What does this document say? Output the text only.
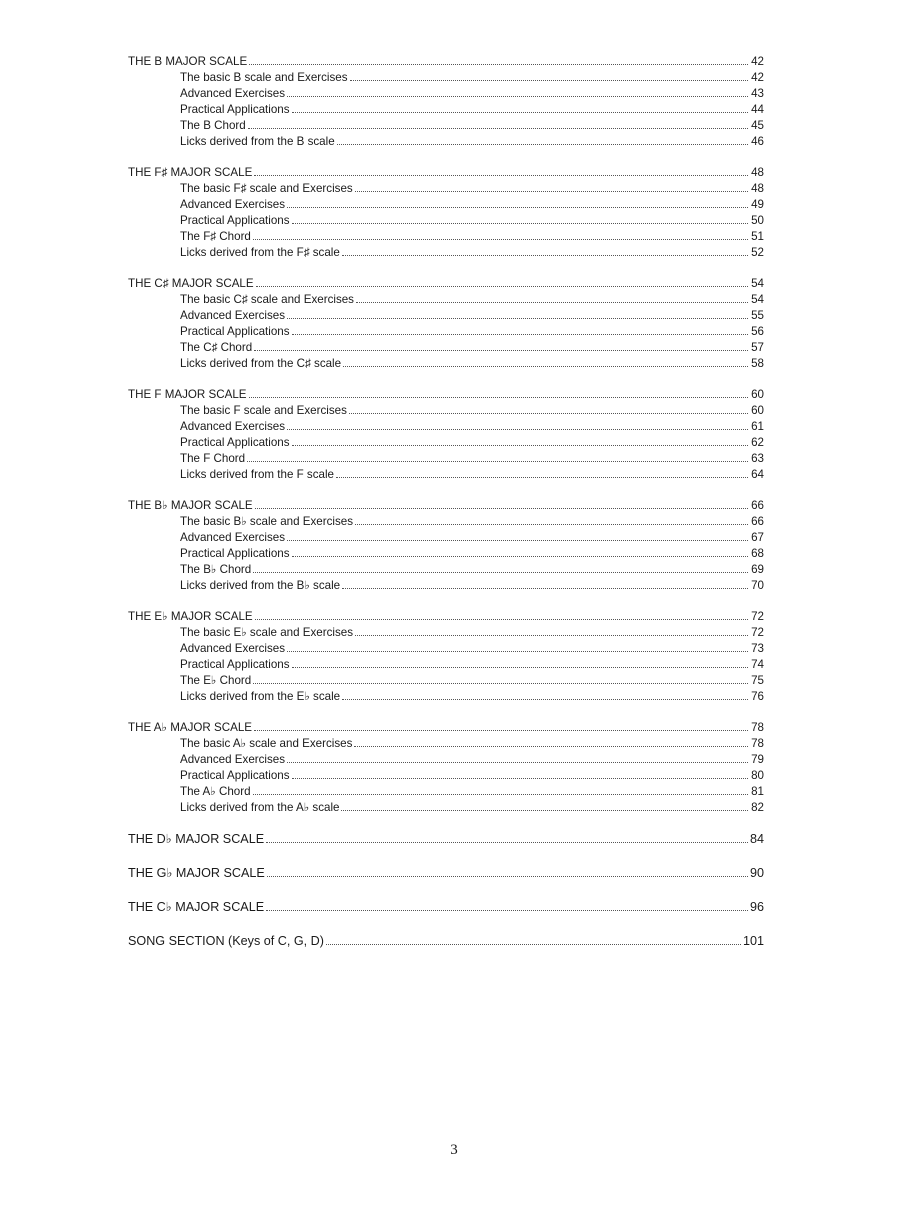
THE B MAJOR SCALE	42
The basic B scale and Exercises	42
Advanced Exercises	43
Practical Applications	44
The B Chord	45
Licks derived from the B scale	46
THE F♯ MAJOR SCALE	48
The basic F♯ scale and Exercises	48
Advanced Exercises	49
Practical Applications	50
The F♯ Chord	51
Licks derived from the F♯ scale	52
THE C♯ MAJOR SCALE	54
The basic C♯ scale and Exercises	54
Advanced Exercises	55
Practical Applications	56
The C♯ Chord	57
Licks derived from the C♯ scale	58
THE F MAJOR SCALE	60
The basic F scale and Exercises	60
Advanced Exercises	61
Practical Applications	62
The F Chord	63
Licks derived from the F scale	64
THE B♭ MAJOR SCALE	66
The basic B♭ scale and Exercises	66
Advanced Exercises	67
Practical Applications	68
The B♭ Chord	69
Licks derived from the B♭ scale	70
THE E♭ MAJOR SCALE	72
The basic E♭ scale and Exercises	72
Advanced Exercises	73
Practical Applications	74
The E♭ Chord	75
Licks derived from the E♭ scale	76
THE A♭ MAJOR SCALE	78
The basic A♭ scale and Exercises	78
Advanced Exercises	79
Practical Applications	80
The A♭ Chord	81
Licks derived from the A♭ scale	82
THE D♭ MAJOR SCALE	84
THE G♭ MAJOR SCALE	90
THE C♭ MAJOR SCALE	96
SONG SECTION (Keys of C, G, D)	101
3
